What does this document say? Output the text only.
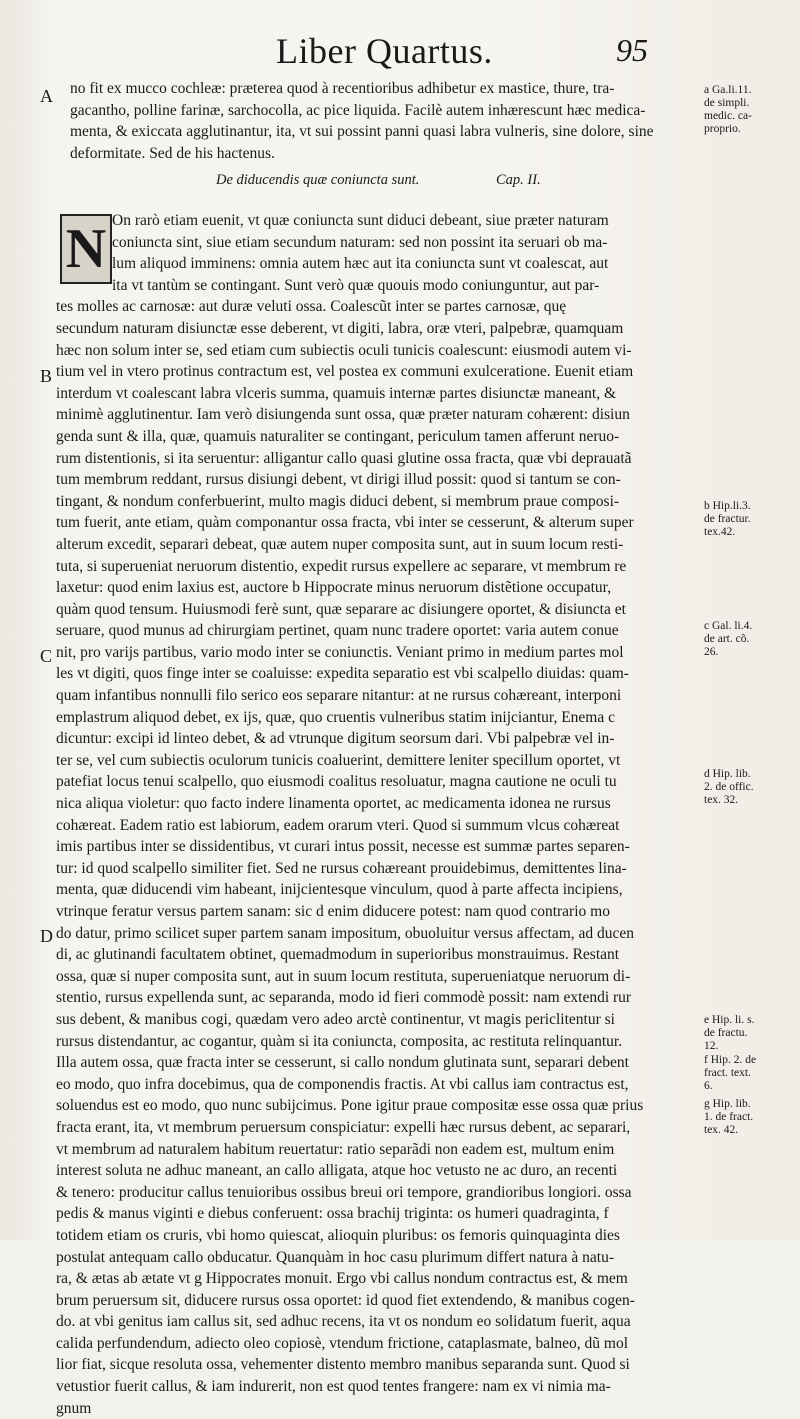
Liber Quartus.	95
no fit ex mucco cochleæ: præterea quod à recentioribus adhibetur ex mastice, thure, tra-
gacantho, polline farinæ, sarchocolla, ac pice liquida. Facilè autem inhærescunt hæc medica-
menta, & exiccata agglutinantur, ita, vt sui possint panni quasi labra vulneris, sine dolore, sine
deformitate. Sed de his hactenus.
De diducendis quæ coniuncta sunt.	Cap. II.
N
A
B
C
D
On rarò etiam euenit, vt quæ coniuncta sunt diduci debeant, siue præter naturam
coniuncta sint, siue etiam secundum naturam: sed non possint ita seruari ob ma-
lum aliquod imminens: omnia autem hæc aut ita coniuncta sunt vt coalescat, aut
ita vt tantùm se contingant. Sunt verò quæ quouis modo coniunguntur, aut par-
tes molles ac carnosæ: aut duræ veluti ossa. Coalescũt inter se partes carnosæ, quę
secundum naturam disiunctæ esse deberent, vt digiti, labra, oræ vteri, palpebræ, quamquam
hæc non solum inter se, sed etiam cum subiectis oculi tunicis coalescunt: eiusmodi autem vi-
tium vel in vtero protinus contractum est, vel postea ex communi exulceratione. Euenit etiam
interdum vt coalescant labra vlceris summa, quamuis internæ partes disiunctæ maneant, &
minimè agglutinentur. Iam verò disiungenda sunt ossa, quæ præter naturam cohærent: disiun
genda sunt & illa, quæ, quamuis naturaliter se contingant, periculum tamen afferunt neruo-
rum distentionis, si ita seruentur: alligantur callo quasi glutine ossa fracta, quæ vbi deprauatã
tum membrum reddant, rursus disiungi debent, vt dirigi illud possit: quod si tantum se con-
tingant, & nondum conferbuerint, multo magis diduci debent, si membrum praue composi-
tum fuerit, ante etiam, quàm componantur ossa fracta, vbi inter se cesserunt, & alterum super
alterum excedit, separari debeat, quæ autem nuper composita sunt, aut in suum locum resti-
tuta, si superueniat neruorum distentio, expedit rursus expellere ac separare, vt membrum re
laxetur: quod enim laxius est, auctore b Hippocrate minus neruorum distẽtione occupatur,
quàm quod tensum. Huiusmodi ferè sunt, quæ separare ac disiungere oportet, & disiuncta et
seruare, quod munus ad chirurgiam pertinet, quam nunc tradere oportet: varia autem conue
nit, pro varijs partibus, vario modo inter se coniunctis. Veniant primo in medium partes mol
les vt digiti, quos finge inter se coaluisse: expedita separatio est vbi scalpello diuidas: quam-
quam infantibus nonnulli filo serico eos separare nitantur: at ne rursus cohæreant, interponi
emplastrum aliquod debet, ex ijs, quæ, quo cruentis vulneribus statim inijciantur, Enema c
dicuntur: excipi id linteo debet, & ad vtrunque digitum seorsum dari. Vbi palpebræ vel in-
ter se, vel cum subiectis oculorum tunicis coaluerint, demittere leniter specillum oportet, vt
patefiat locus tenui scalpello, quo eiusmodi coalitus resoluatur, magna cautione ne oculi tu
nica aliqua violetur: quo facto indere linamenta oportet, ac medicamenta idonea ne rursus
cohæreat. Eadem ratio est labiorum, eadem orarum vteri. Quod si summum vlcus cohæreat
imis partibus inter se dissidentibus, vt curari intus possit, necesse est summæ partes separen-
tur: id quod scalpello similiter fiet. Sed ne rursus cohæreant prouidebimus, demittentes lina-
menta, quæ diducendi vim habeant, inijcientesque vinculum, quod à parte affecta incipiens,
vtrinque feratur versus partem sanam: sic d enim diducere potest: nam quod contrario mo
do datur, primo scilicet super partem sanam impositum, obuoluitur versus affectam, ad ducen
di, ac glutinandi facultatem obtinet, quemadmodum in superioribus monstrauimus. Restant
ossa, quæ si nuper composita sunt, aut in suum locum restituta, superueniatque neruorum di-
stentio, rursus expellenda sunt, ac separanda, modo id fieri commodè possit: nam extendi rur
sus debent, & manibus cogi, quædam vero adeo arctè continentur, vt magis periclitentur si
rursus distendantur, ac cogantur, quàm si ita coniuncta, composita, ac restituta relinquantur.
Illa autem ossa, quæ fracta inter se cesserunt, si callo nondum glutinata sunt, separari debent
eo modo, quo infra docebimus, qua de componendis fractis. At vbi callus iam contractus est,
soluendus est eo modo, quo nunc subijcimus. Pone igitur praue compositæ esse ossa quæ prius
fracta erant, ita, vt membrum peruersum conspiciatur: expelli hæc rursus debent, ac separari,
vt membrum ad naturalem habitum reuertatur: ratio separãdi non eadem est, multum enim
interest soluta ne adhuc maneant, an callo alligata, atque hoc vetusto ne ac duro, an recenti
& tenero: producitur callus tenuioribus ossibus breui ori tempore, grandioribus longiori. ossa
pedis & manus viginti e diebus conferuent: ossa brachij triginta: os humeri quadraginta, f
totidem etiam os cruris, vbi homo quiescat, alioquin pluribus: os femoris quinquaginta dies
postulat antequam callo obducatur. Quanquàm in hoc casu plurimum differt natura à natu-
ra, & ætas ab ætate vt g Hippocrates monuit. Ergo vbi callus nondum contractus est, & mem
brum peruersum sit, diducere rursus ossa oportet: id quod fiet extendendo, & manibus cogen-
do. at vbi genitus iam callus sit, sed adhuc recens, ita vt os nondum eo solidatum fuerit, aqua
calida perfundendum, adiecto oleo copiosè, vtendum frictione, cataplasmate, balneo, dũ mol
lior fiat, sicque resoluta ossa, vehementer distento membro manibus separanda sunt. Quod si
vetustior fuerit callus, & iam indurerit, non est quod tentes frangere: nam ex vi nimia ma-
gnum
a Ga.li.11.
de simpli.
medic. ca-
proprio.
b Hip.li.3.
de fractur.
tex.42.
c Gal. li.4.
de art. cõ.
26.
d Hip. lib.
2. de offic.
tex. 32.
e Hip. li. s.
de fractu.
12.
f Hip. 2. de
fract. text.
6.
g Hip. lib.
1. de fract.
tex. 42.
